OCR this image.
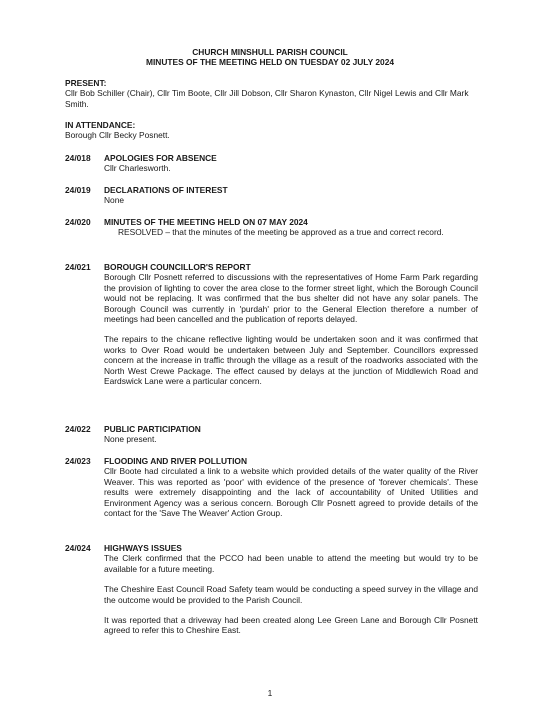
CHURCH MINSHULL PARISH COUNCIL
MINUTES OF THE MEETING HELD ON TUESDAY 02 JULY 2024
PRESENT:

Cllr Bob Schiller (Chair), Cllr Tim Boote, Cllr Jill Dobson, Cllr Sharon Kynaston, Cllr Nigel Lewis and Cllr Mark Smith.

IN ATTENDANCE:

Borough Cllr Becky Posnett.

24/018 APOLOGIES FOR ABSENCE

Cllr Charlesworth.

24/019 DECLARATIONS OF INTEREST

None

24/020 MINUTES OF THE MEETING HELD ON 07 MAY 2024

RESOLVED – that the minutes of the meeting be approved as a true and correct record.

24/021 BOROUGH COUNCILLOR'S REPORT

Borough Cllr Posnett referred to discussions with the representatives of Home Farm Park regarding the provision of lighting to cover the area close to the former street light, which the Borough Council would not be replacing. It was confirmed that the bus shelter did not have any solar panels. The Borough Council was currently in 'purdah' prior to the General Election therefore a number of meetings had been cancelled and the publication of reports delayed.

The repairs to the chicane reflective lighting would be undertaken soon and it was confirmed that works to Over Road would be undertaken between July and September. Councillors expressed concern at the increase in traffic through the village as a result of the roadworks associated with the North West Crewe Package. The effect caused by delays at the junction of Middlewich Road and Eardswick Lane were a particular concern.

24/022 PUBLIC PARTICIPATION

None present.

24/023 FLOODING AND RIVER POLLUTION

Cllr Boote had circulated a link to a website which provided details of the water quality of the River Weaver. This was reported as 'poor' with evidence of the presence of 'forever chemicals'. These results were extremely disappointing and the lack of accountability of United Utilities and Environment Agency was a serious concern. Borough Cllr Posnett agreed to provide details of the contact for the 'Save The Weaver' Action Group.

24/024 HIGHWAYS ISSUES

The Clerk confirmed that the PCCO had been unable to attend the meeting but would try to be available for a future meeting.

The Cheshire East Council Road Safety team would be conducting a speed survey in the village and the outcome would be provided to the Parish Council.

It was reported that a driveway had been created along Lee Green Lane and Borough Cllr Posnett agreed to refer this to Cheshire East.

1
